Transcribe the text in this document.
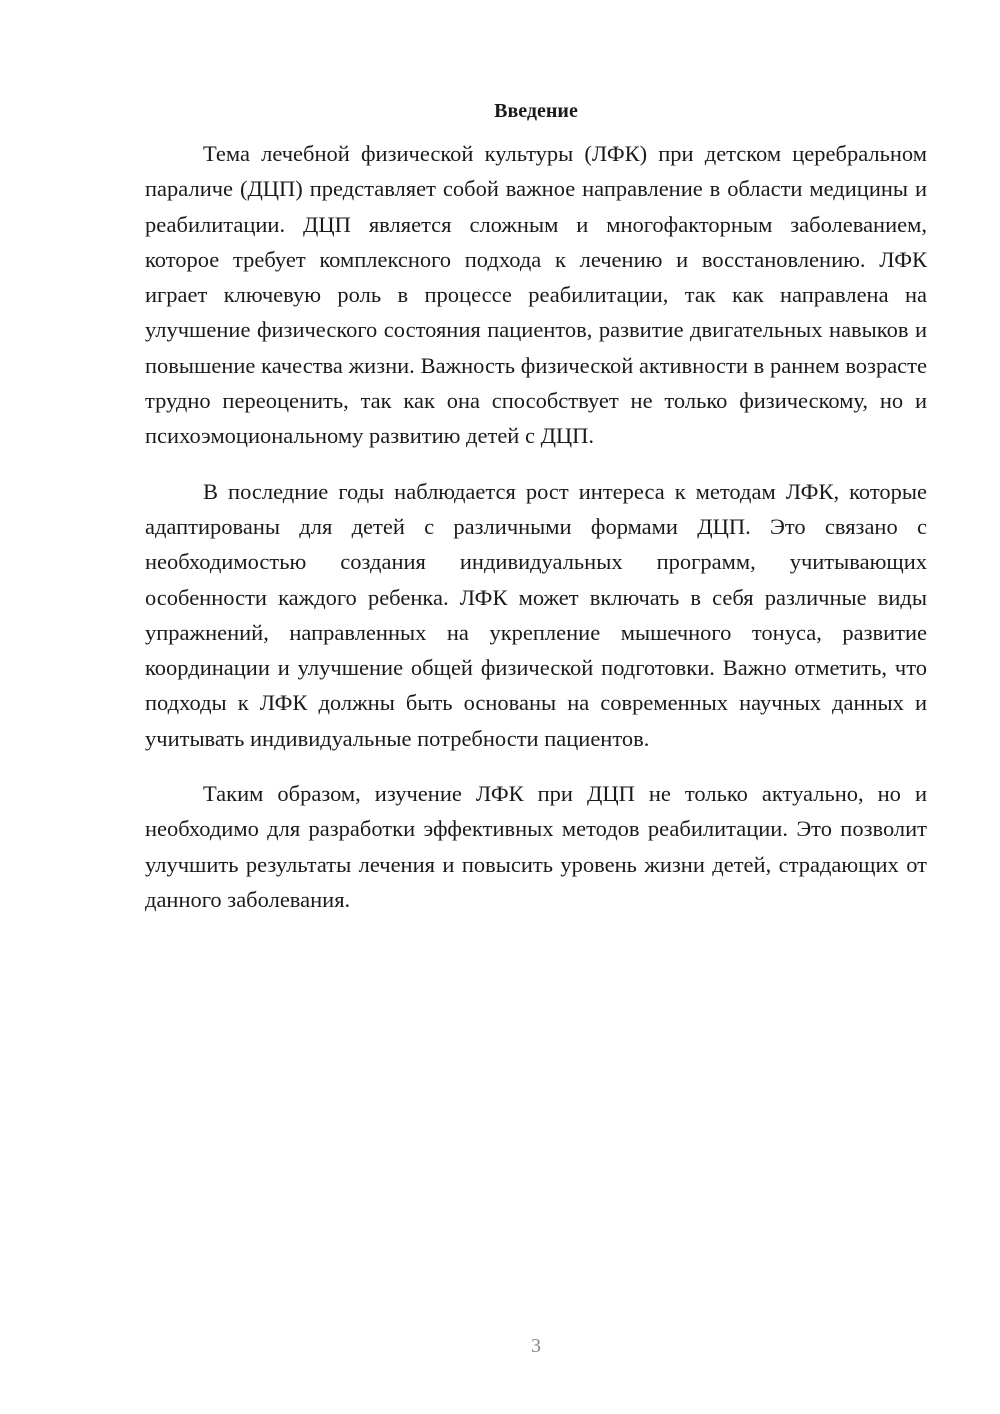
Введение

Тема лечебной физической культуры (ЛФК) при детском церебральном параличе (ДЦП) представляет собой важное направление в области медицины и реабилитации. ДЦП является сложным и многофакторным заболеванием, которое требует комплексного подхода к лечению и восстановлению. ЛФК играет ключевую роль в процессе реабилитации, так как направлена на улучшение физического состояния пациентов, развитие двигательных навыков и повышение качества жизни. Важность физической активности в раннем возрасте трудно переоценить, так как она способствует не только физическому, но и психоэмоциональному развитию детей с ДЦП.

В последние годы наблюдается рост интереса к методам ЛФК, которые адаптированы для детей с различными формами ДЦП. Это связано с необходимостью создания индивидуальных программ, учитывающих особенности каждого ребенка. ЛФК может включать в себя различные виды упражнений, направленных на укрепление мышечного тонуса, развитие координации и улучшение общей физической подготовки. Важно отметить, что подходы к ЛФК должны быть основаны на современных научных данных и учитывать индивидуальные потребности пациентов.

Таким образом, изучение ЛФК при ДЦП не только актуально, но и необходимо для разработки эффективных методов реабилитации. Это позволит улучшить результаты лечения и повысить уровень жизни детей, страдающих от данного заболевания.

3
